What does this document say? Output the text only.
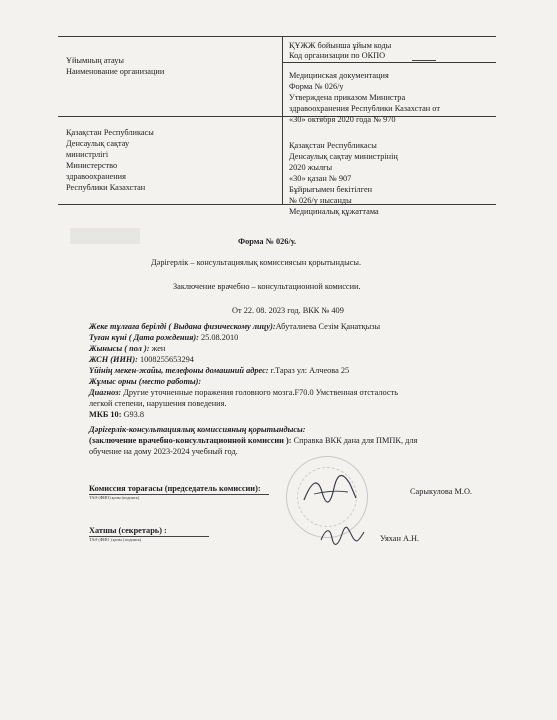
Ұйымның атауы
Наименование организации
ҚҰЖЖ бойынша ұйым коды
Код организации по ОКПО
Медицинская документация
Форма № 026/у
Утверждена приказом Министра
здравоохранения Республики Казахстан от
«30» октября 2020 года № 970
Қазақстан Республикасы
Денсаулық сақтау
министрлігі
Министерство
здравоохранения
Республики Казахстан
Қазақстан Республикасы
Денсаулық сақтау министрінің
2020 жылғы
«30» қазан № 907
Бұйрығымен бекітілген
№ 026/у нысанды
Медициналық құжаттама
Форма № 026/у.
Дәрігерлік – консультациялық комиссиясын қорытындысы.
Заключение врачебно – консультационной комиссии.
От 22. 08. 2023 год. ВКК № 409
Жеке тұлғаға берілді ( Выдана физическому лицу):Абуталиева Сезім Қанатқызы
Туған күні ( Дата рождения): 25.08.2010
Жынысы ( пол ): жен
ЖСН (ИИН): 1008255653294
Үйінің мекен-жайы, телефоны домашний адрес: г.Тараз ул: Алчеова 25
Жұмыс орны (место работы):
Диагноз: Другие уточненные поражения головного мозга.F70.0 Умственная отсталость
легкой степени, нарушения поведения.
МКБ 10: G93.8
Дәрігерлік-консультациялық комиссияның қорытындысы:
(заключение врачебно-консультационной комиссии ): Справка ВКК дана для ПМПК, для
обучение на дому 2023-2024 учебный год.
Комиссия торағасы (председатель комиссии):
ТАӘ (ФИО) қолы (подпись)
Сарыкулова М.О.
Хатшы (секретарь) :
ТАӘ (ФИО ) қолы ( подпись)	Уяхан А.Н.
